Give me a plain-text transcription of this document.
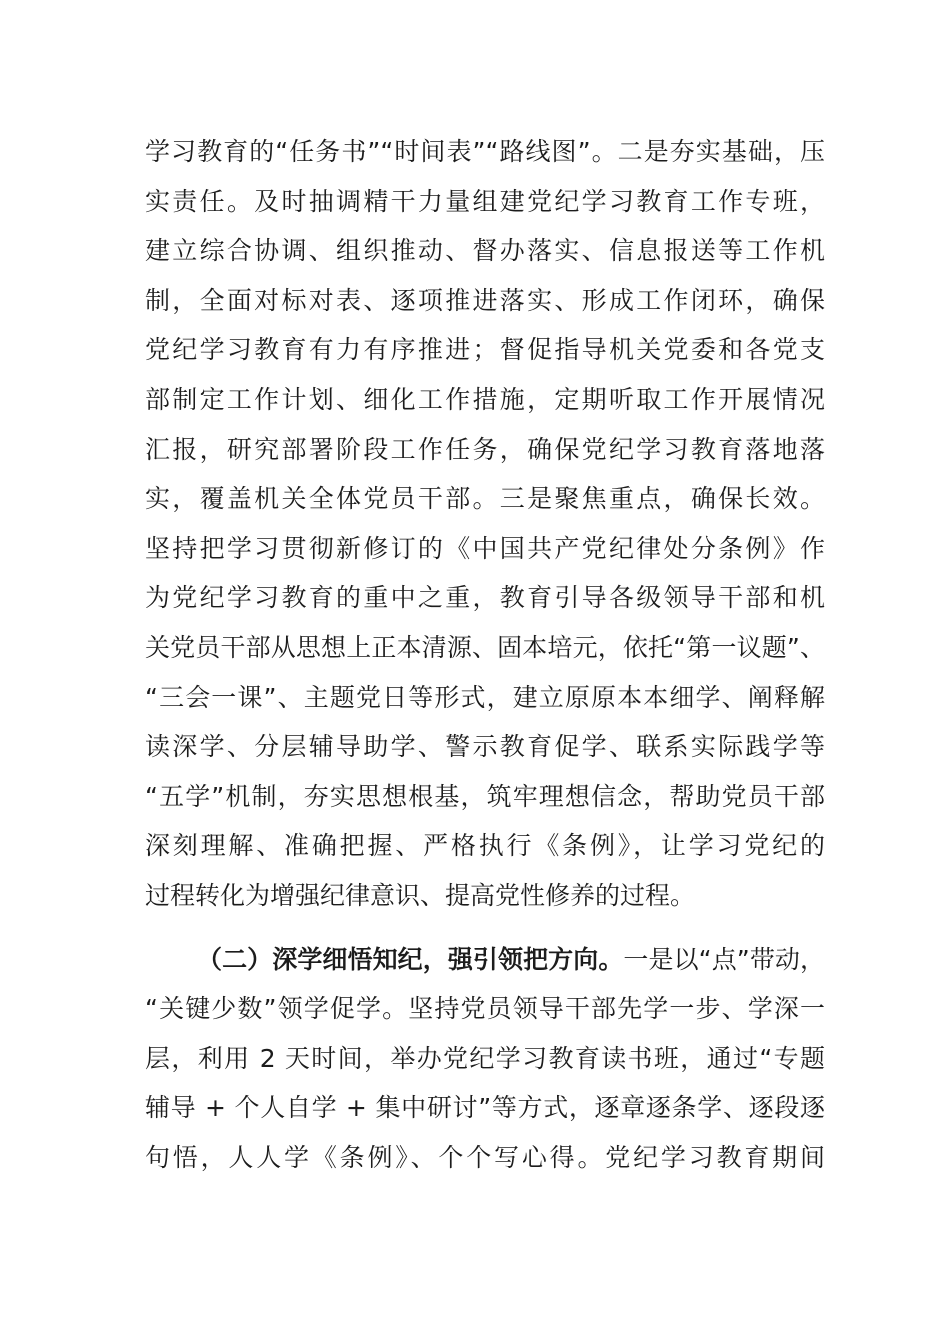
学习教育的“任务书”“时间表”“路线图”。二是夯实基础，压
实责任。及时抽调精干力量组建党纪学习教育工作专班，
建立综合协调、组织推动、督办落实、信息报送等工作机
制，全面对标对表、逐项推进落实、形成工作闭环，确保
党纪学习教育有力有序推进；督促指导机关党委和各党支
部制定工作计划、细化工作措施，定期听取工作开展情况
汇报，研究部署阶段工作任务，确保党纪学习教育落地落
实，覆盖机关全体党员干部。三是聚焦重点，确保长效。
坚持把学习贯彻新修订的《中国共产党纪律处分条例》作
为党纪学习教育的重中之重，教育引导各级领导干部和机
关党员干部从思想上正本清源、固本培元，依托“第一议题”、
“三会一课”、主题党日等形式，建立原原本本细学、阐释解
读深学、分层辅导助学、警示教育促学、联系实际践学等
“五学”机制，夯实思想根基，筑牢理想信念，帮助党员干部
深刻理解、准确把握、严格执行《条例》，让学习党纪的
过程转化为增强纪律意识、提高党性修养的过程。
（二）深学细悟知纪，强引领把方向。一是以“点”带动，
“关键少数”领学促学。坚持党员领导干部先学一步、学深一
层，利用 2 天时间，举办党纪学习教育读书班，通过“专题
辅导 + 个人自学 + 集中研讨”等方式，逐章逐条学、逐段逐
句悟，人人学《条例》、个个写心得。党纪学习教育期间
